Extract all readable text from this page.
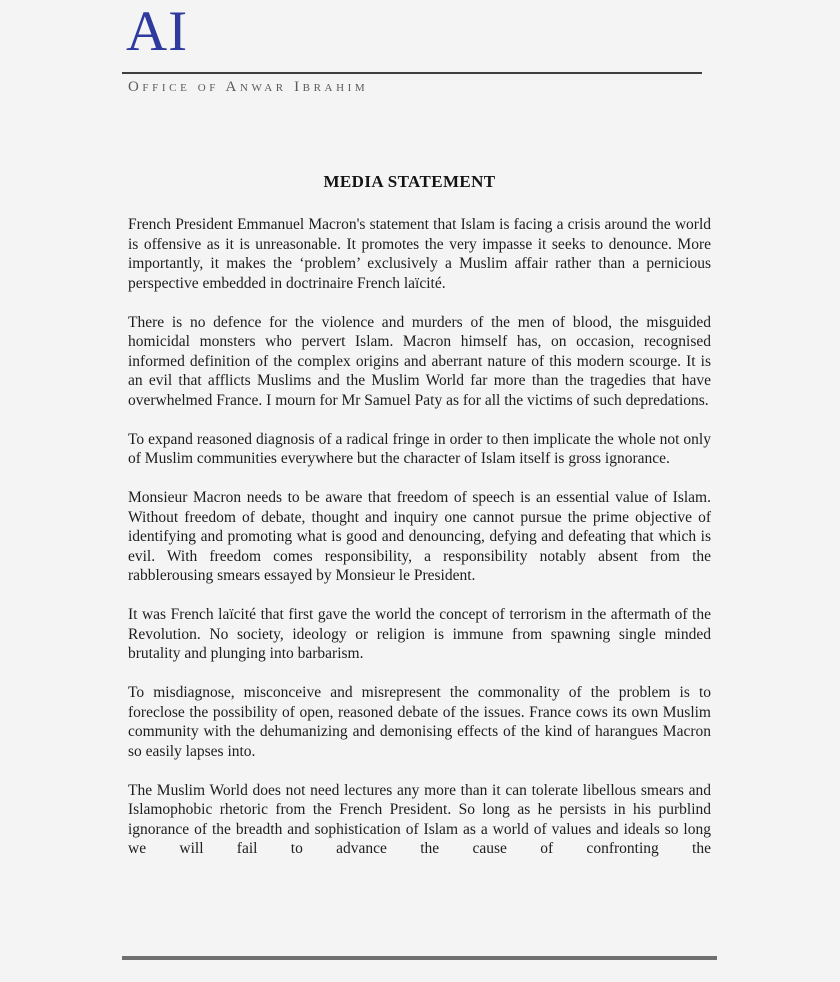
AI
Office of Anwar Ibrahim
MEDIA STATEMENT

French President Emmanuel Macron's statement that Islam is facing a crisis around the world is offensive as it is unreasonable. It promotes the very impasse it seeks to denounce. More importantly, it makes the ‘problem’ exclusively a Muslim affair rather than a pernicious perspective embedded in doctrinaire French laïcité.

There is no defence for the violence and murders of the men of blood, the misguided homicidal monsters who pervert Islam. Macron himself has, on occasion, recognised informed definition of the complex origins and aberrant nature of this modern scourge. It is an evil that afflicts Muslims and the Muslim World far more than the tragedies that have overwhelmed France. I mourn for Mr Samuel Paty as for all the victims of such depredations.

To expand reasoned diagnosis of a radical fringe in order to then implicate the whole not only of Muslim communities everywhere but the character of Islam itself is gross ignorance.

Monsieur Macron needs to be aware that freedom of speech is an essential value of Islam. Without freedom of debate, thought and inquiry one cannot pursue the prime objective of identifying and promoting what is good and denouncing, defying and defeating that which is evil. With freedom comes responsibility, a responsibility notably absent from the rabblerousing smears essayed by Monsieur le President.

It was French laïcité that first gave the world the concept of terrorism in the aftermath of the Revolution. No society, ideology or religion is immune from spawning single minded brutality and plunging into barbarism.

To misdiagnose, misconceive and misrepresent the commonality of the problem is to foreclose the possibility of open, reasoned debate of the issues. France cows its own Muslim community with the dehumanizing and demonising effects of the kind of harangues Macron so easily lapses into.

The Muslim World does not need lectures any more than it can tolerate libellous smears and Islamophobic rhetoric from the French President. So long as he persists in his purblind ignorance of the breadth and sophistication of Islam as a world of values and ideals so long we will fail to advance the cause of confronting the
